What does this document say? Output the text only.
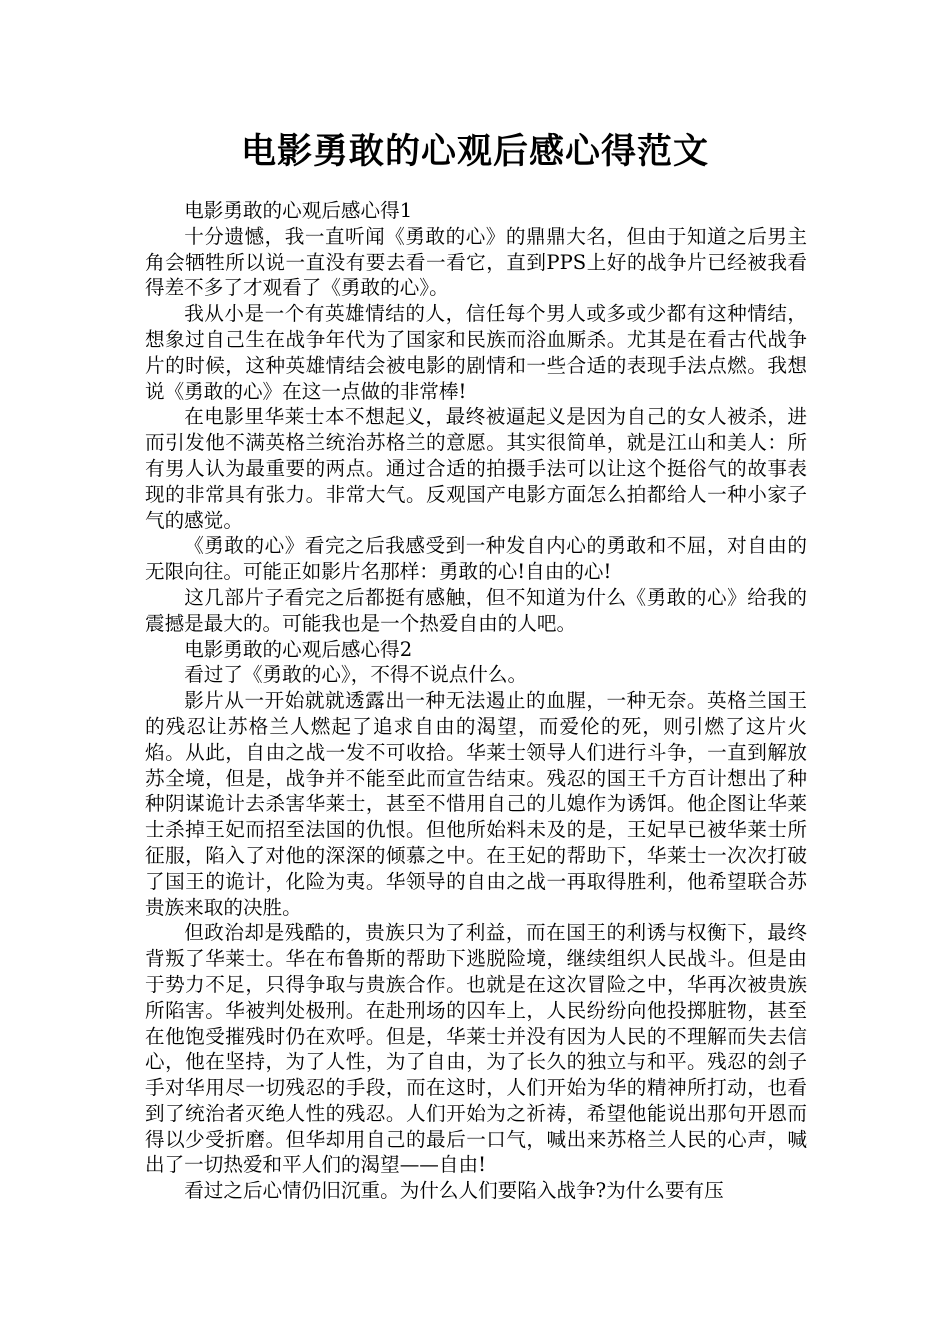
电影勇敢的心观后感心得范文

电影勇敢的心观后感心得1

十分遗憾，我一直听闻《勇敢的心》的鼎鼎大名，但由于知道之后男主角会牺牲所以说一直没有要去看一看它，直到PPS上好的战争片已经被我看得差不多了才观看了《勇敢的心》。

我从小是一个有英雄情结的人，信任每个男人或多或少都有这种情结，想象过自己生在战争年代为了国家和民族而浴血厮杀。尤其是在看古代战争片的时候，这种英雄情结会被电影的剧情和一些合适的表现手法点燃。我想说《勇敢的心》在这一点做的非常棒!

在电影里华莱士本不想起义，最终被逼起义是因为自己的女人被杀，进而引发他不满英格兰统治苏格兰的意愿。其实很简单，就是江山和美人：所有男人认为最重要的两点。通过合适的拍摄手法可以让这个挺俗气的故事表现的非常具有张力。非常大气。反观国产电影方面怎么拍都给人一种小家子气的感觉。

《勇敢的心》看完之后我感受到一种发自内心的勇敢和不屈，对自由的无限向往。可能正如影片名那样：勇敢的心!自由的心!

这几部片子看完之后都挺有感触，但不知道为什么《勇敢的心》给我的震撼是最大的。可能我也是一个热爱自由的人吧。

电影勇敢的心观后感心得2

看过了《勇敢的心》，不得不说点什么。

影片从一开始就就透露出一种无法遏止的血腥，一种无奈。英格兰国王的残忍让苏格兰人燃起了追求自由的渴望，而爱伦的死，则引燃了这片火焰。从此，自由之战一发不可收拾。华莱士领导人们进行斗争，一直到解放苏全境，但是，战争并不能至此而宣告结束。残忍的国王千方百计想出了种种阴谋诡计去杀害华莱士，甚至不惜用自己的儿媳作为诱饵。他企图让华莱士杀掉王妃而招至法国的仇恨。但他所始料未及的是，王妃早已被华莱士所征服，陷入了对他的深深的倾慕之中。在王妃的帮助下，华莱士一次次打破了国王的诡计，化险为夷。华领导的自由之战一再取得胜利，他希望联合苏贵族来取的决胜。

但政治却是残酷的，贵族只为了利益，而在国王的利诱与权衡下，最终背叛了华莱士。华在布鲁斯的帮助下逃脱险境，继续组织人民战斗。但是由于势力不足，只得争取与贵族合作。也就是在这次冒险之中，华再次被贵族所陷害。华被判处极刑。在赴刑场的囚车上，人民纷纷向他投掷脏物，甚至在他饱受摧残时仍在欢呼。但是，华莱士并没有因为人民的不理解而失去信心，他在坚持，为了人性，为了自由，为了长久的独立与和平。残忍的刽子手对华用尽一切残忍的手段，而在这时，人们开始为华的精神所打动，也看到了统治者灭绝人性的残忍。人们开始为之祈祷，希望他能说出那句开恩而得以少受折磨。但华却用自己的最后一口气，喊出来苏格兰人民的心声，喊出了一切热爱和平人们的渴望——自由!

看过之后心情仍旧沉重。为什么人们要陷入战争?为什么要有压
